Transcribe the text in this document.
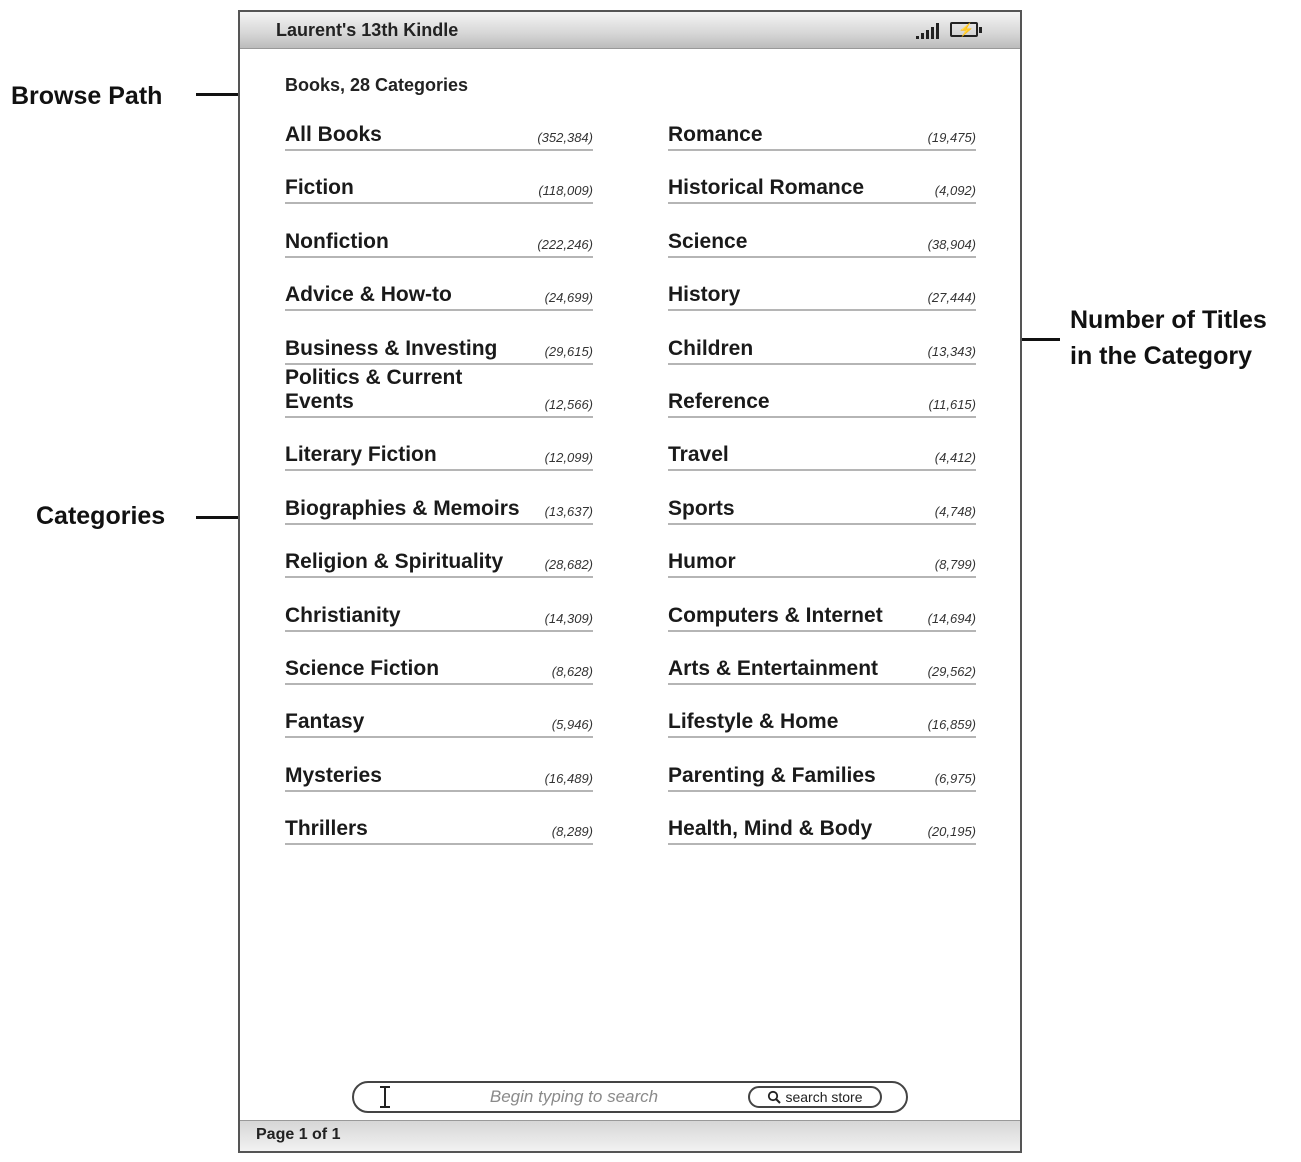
Browse Path
Categories
Number of Titles
in the Category
Laurent's 13th Kindle	⚡
Books, 28 Categories
All Books	(352,384)
Fiction	(118,009)
Nonfiction	(222,246)
Advice & How-to	(24,699)
Business & Investing	(29,615)
Politics & Current Events	(12,566)
Literary Fiction	(12,099)
Biographies & Memoirs	(13,637)
Religion & Spirituality	(28,682)
Christianity	(14,309)
Science Fiction	(8,628)
Fantasy	(5,946)
Mysteries	(16,489)
Thrillers	(8,289)
Romance	(19,475)
Historical Romance	(4,092)
Science	(38,904)
History	(27,444)
Children	(13,343)
Reference	(11,615)
Travel	(4,412)
Sports	(4,748)
Humor	(8,799)
Computers & Internet	(14,694)
Arts & Entertainment	(29,562)
Lifestyle & Home	(16,859)
Parenting & Families	(6,975)
Health, Mind & Body	(20,195)
Begin typing to search
search store
Page 1 of 1
